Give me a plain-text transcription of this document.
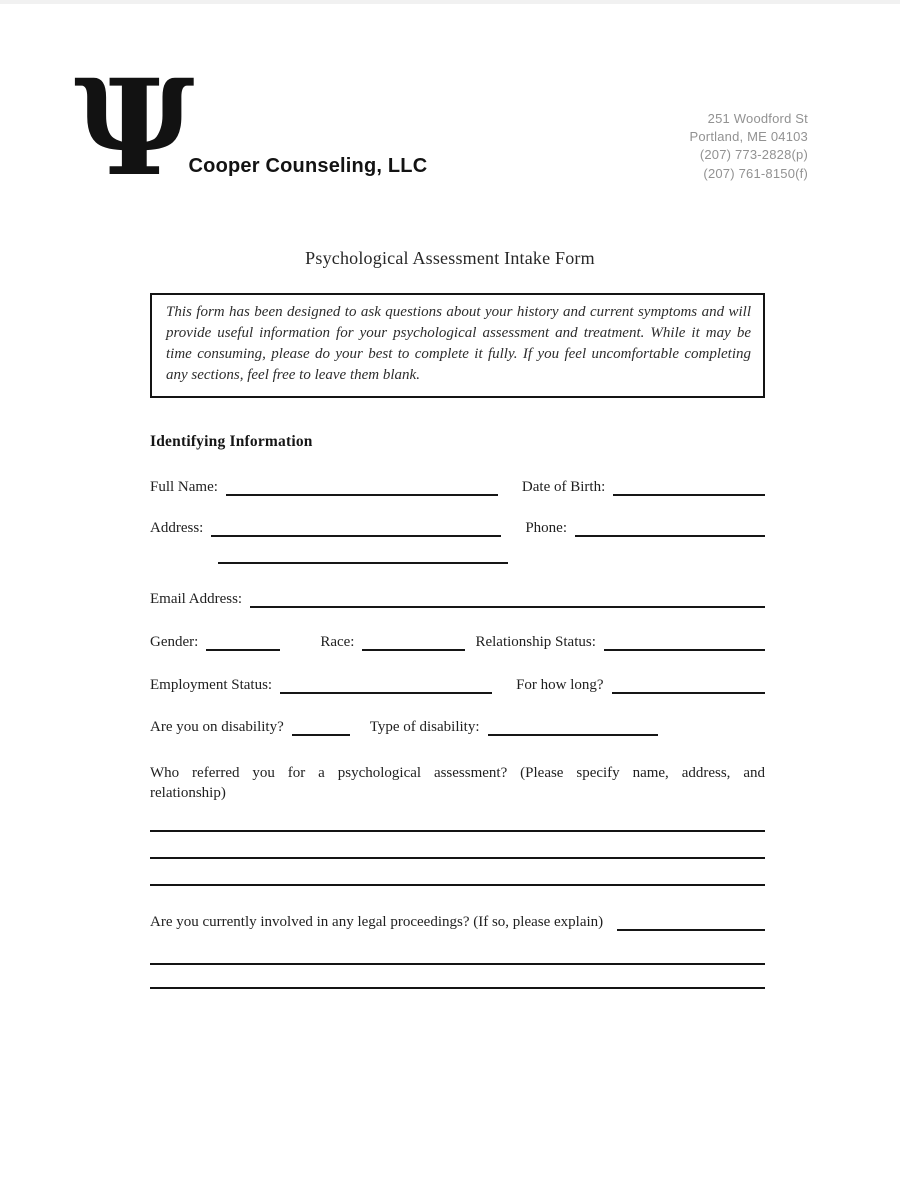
Ψ
Cooper Counseling, LLC
251 Woodford St
Portland, ME 04103
(207) 773-2828(p)
(207) 761-8150(f)
Psychological Assessment Intake Form
This form has been designed to ask questions about your history and current symptoms and will provide useful information for your psychological assessment and treatment. While it may be time consuming, please do your best to complete it fully. If you feel uncomfortable completing any sections, feel free to leave them blank.
Identifying Information
Full Name:	Date of Birth:
Address:	Phone:
Email Address:
Gender:	Race:	Relationship Status:
Employment Status:	For how long?
Are you on disability?	Type of disability:
Who referred you for a psychological assessment? (Please specify name, address, and
relationship)
Are you currently involved in any legal proceedings? (If so, please explain)
